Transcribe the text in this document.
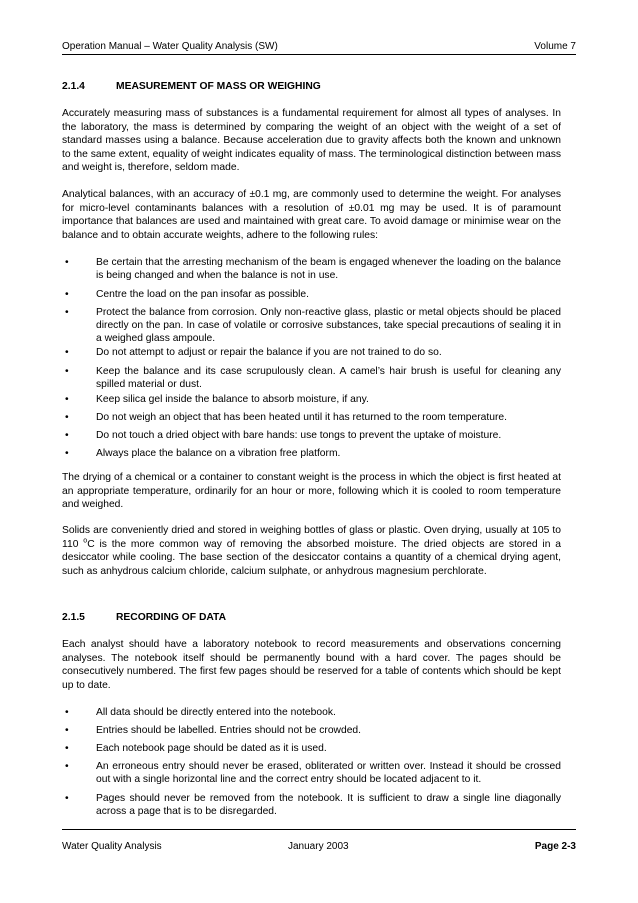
Operation Manual – Water Quality Analysis (SW)	Volume 7
2.1.4	MEASUREMENT OF MASS OR WEIGHING
Accurately measuring mass of substances is a fundamental requirement for almost all types of analyses. In the laboratory, the mass is determined by comparing the weight of an object with the weight of a set of standard masses using a balance. Because acceleration due to gravity affects both the known and unknown to the same extent, equality of weight indicates equality of mass. The terminological distinction between mass and weight is, therefore, seldom made.
Analytical balances, with an accuracy of ±0.1 mg, are commonly used to determine the weight. For analyses for micro-level contaminants balances with a resolution of ±0.01 mg may be used. It is of paramount importance that balances are used and maintained with great care. To avoid damage or minimise wear on the balance and to obtain accurate weights, adhere to the following rules:
•	Be certain that the arresting mechanism of the beam is engaged whenever the loading on the balance is being changed and when the balance is not in use.
•	Centre the load on the pan insofar as possible.
•	Protect the balance from corrosion. Only non-reactive glass, plastic or metal objects should be placed directly on the pan. In case of volatile or corrosive substances, take special precautions of sealing it in a weighed glass ampoule.
•	Do not attempt to adjust or repair the balance if you are not trained to do so.
•	Keep the balance and its case scrupulously clean. A camel’s hair brush is useful for cleaning any spilled material or dust.
•	Keep silica gel inside the balance to absorb moisture, if any.
•	Do not weigh an object that has been heated until it has returned to the room temperature.
•	Do not touch a dried object with bare hands: use tongs to prevent the uptake of moisture.
•	Always place the balance on a vibration free platform.
The drying of a chemical or a container to constant weight is the process in which the object is first heated at an appropriate temperature, ordinarily for an hour or more, following which it is cooled to room temperature and weighed.
Solids are conveniently dried and stored in weighing bottles of glass or plastic. Oven drying, usually at 105 to 110 $^o$C is the more common way of removing the absorbed moisture. The dried objects are stored in a desiccator while cooling. The base section of the desiccator contains a quantity of a chemical drying agent, such as anhydrous calcium chloride, calcium sulphate, or anhydrous magnesium perchlorate.
2.1.5	RECORDING OF DATA
Each analyst should have a laboratory notebook to record measurements and observations concerning analyses. The notebook itself should be permanently bound with a hard cover. The pages should be consecutively numbered. The first few pages should be reserved for a table of contents which should be kept up to date.
•	All data should be directly entered into the notebook.
•	Entries should be labelled. Entries should not be crowded.
•	Each notebook page should be dated as it is used.
•	An erroneous entry should never be erased, obliterated or written over. Instead it should be crossed out with a single horizontal line and the correct entry should be located adjacent to it.
•	Pages should never be removed from the notebook. It is sufficient to draw a single line diagonally across a page that is to be disregarded.
Water Quality Analysis	January 2003	Page 2-3
